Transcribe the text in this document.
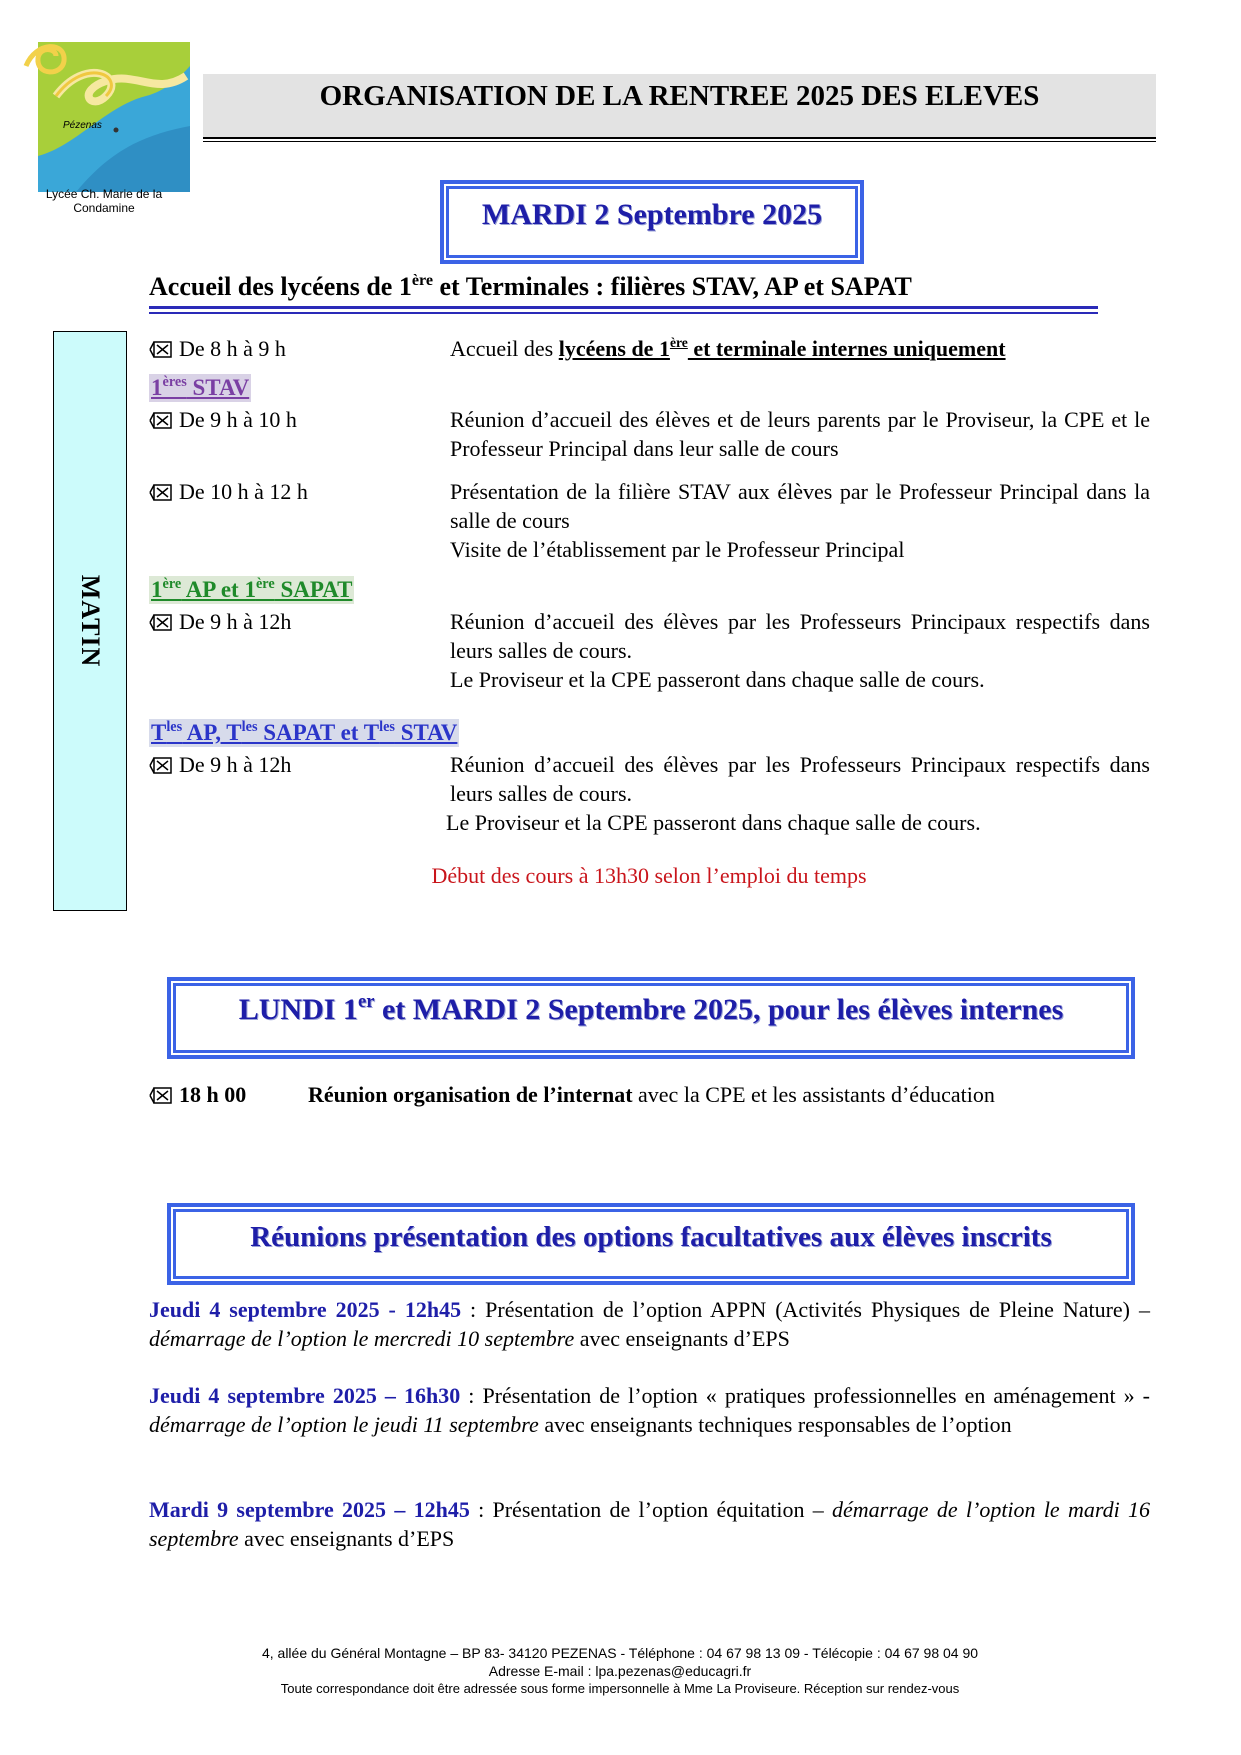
Pézenas
Lycée Ch. Marie de la Condamine
ORGANISATION DE LA RENTREE 2025 DES ELEVES
MARDI 2 Septembre 2025
Accueil des lycéens de 1ère et Terminales : filières STAV, AP et SAPAT
MATIN
De 8 h à 9 h	Accueil des lycéens de 1ère et terminale internes uniquement
1ères STAV
De 9 h à 10 h	Réunion d’accueil des élèves et de leurs parents par le Proviseur, la CPE et le Professeur Principal dans leur salle de cours
De 10 h à 12 h	Présentation de la filière STAV aux élèves par le Professeur Principal dans la salle de cours
Visite de l’établissement par le Professeur Principal
1ère AP et 1ère SAPAT
De 9 h à 12h	Réunion d’accueil des élèves par les Professeurs Principaux respectifs dans leurs salles de cours.
Le Proviseur et la CPE passeront dans chaque salle de cours.
$T^{les}$ AP, $T^{les}$ SAPAT et $T^{les}$ STAV
De 9 h à 12h	Réunion d’accueil des élèves par les Professeurs Principaux respectifs dans leurs salles de cours.
Le Proviseur et la CPE passeront dans chaque salle de cours.
Début des cours à 13h30 selon l’emploi du temps
LUNDI 1er et MARDI 2 Septembre 2025, pour les élèves internes
18 h 00	Réunion organisation de l’internat avec la CPE et les assistants d’éducation
Réunions présentation des options facultatives aux élèves inscrits
Jeudi 4 septembre 2025 - 12h45 : Présentation de l’option APPN (Activités Physiques de Pleine Nature) – démarrage de l’option le mercredi 10 septembre avec enseignants d’EPS
Jeudi 4 septembre 2025 – 16h30 : Présentation de l’option « pratiques professionnelles en aménagement » - démarrage de l’option le jeudi 11 septembre avec enseignants techniques responsables de l’option
Mardi 9 septembre 2025 – 12h45 : Présentation de l’option équitation – démarrage de l’option le mardi 16 septembre avec enseignants d’EPS
4, allée du Général Montagne – BP 83- 34120 PEZENAS - Téléphone : 04 67 98 13 09 - Télécopie : 04 67 98 04 90
Adresse E-mail : lpa.pezenas@educagri.fr
Toute correspondance doit être adressée sous forme impersonnelle à Mme La Proviseure. Réception sur rendez-vous
